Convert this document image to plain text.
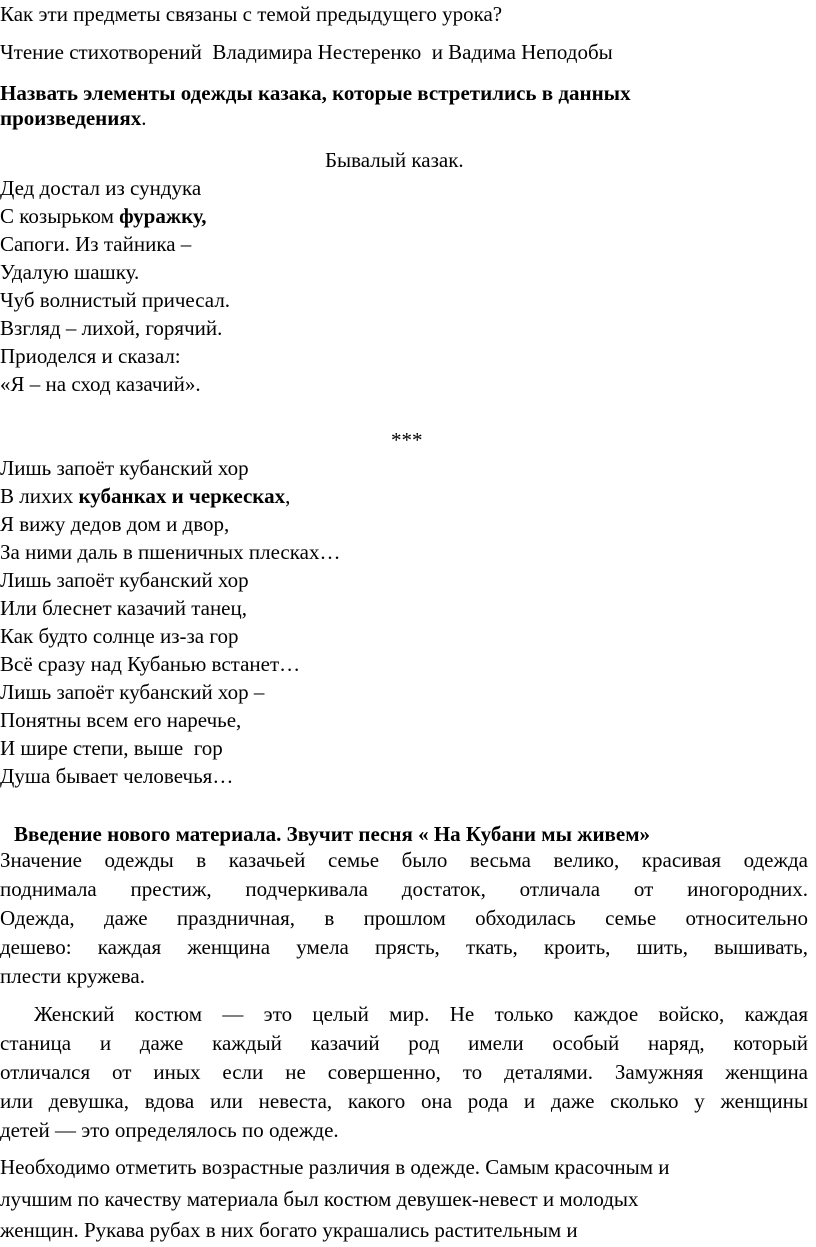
Как эти предметы связаны с темой предыдущего урока?
Чтение стихотворений  Владимира Нестеренко  и Вадима Неподобы
Назвать элементы одежды казака, которые встретились в данных
произведениях.
Бывалый казак.
Дед достал из сундука
С козырьком фуражку,
Сапоги. Из тайника –
Удалую шашку.
Чуб волнистый причесал.
Взгляд – лихой, горячий.
Приоделся и сказал:
«Я – на сход казачий».
***
Лишь запоёт кубанский хор
В лихих кубанках и черкесках,
Я вижу дедов дом и двор,
За ними даль в пшеничных плесках…
Лишь запоёт кубанский хор
Или блеснет казачий танец,
Как будто солнце из-за гор
Всё сразу над Кубанью встанет…
Лишь запоёт кубанский хор –
Понятны всем его наречье,
И шире степи, выше  гор
Душа бывает человечья…
Введение нового материала. Звучит песня « На Кубани мы живем»
Значение одежды в казачьей семье было весьма велико, красивая одежда
поднимала престиж, подчеркивала достаток, отличала от иногородних.
Одежда, даже праздничная, в прошлом обходилась семье относительно
дешево: каждая женщина умела прясть, ткать, кроить, шить, вышивать,
плести кружева.
Женский костюм — это целый мир. Не только каждое войско, каждая
станица и даже каждый казачий род имели особый наряд, который
отличался от иных если не совершенно, то деталями. Замужняя женщина
или девушка, вдова или невеста, какого она рода и даже сколько у женщины
детей — это определялось по одежде.
Необходимо отметить возрастные различия в одежде. Самым красочным и
лучшим по качеству материала был костюм девушек-невест и молодых
женщин. Рукава рубах в них богато украшались растительным и
